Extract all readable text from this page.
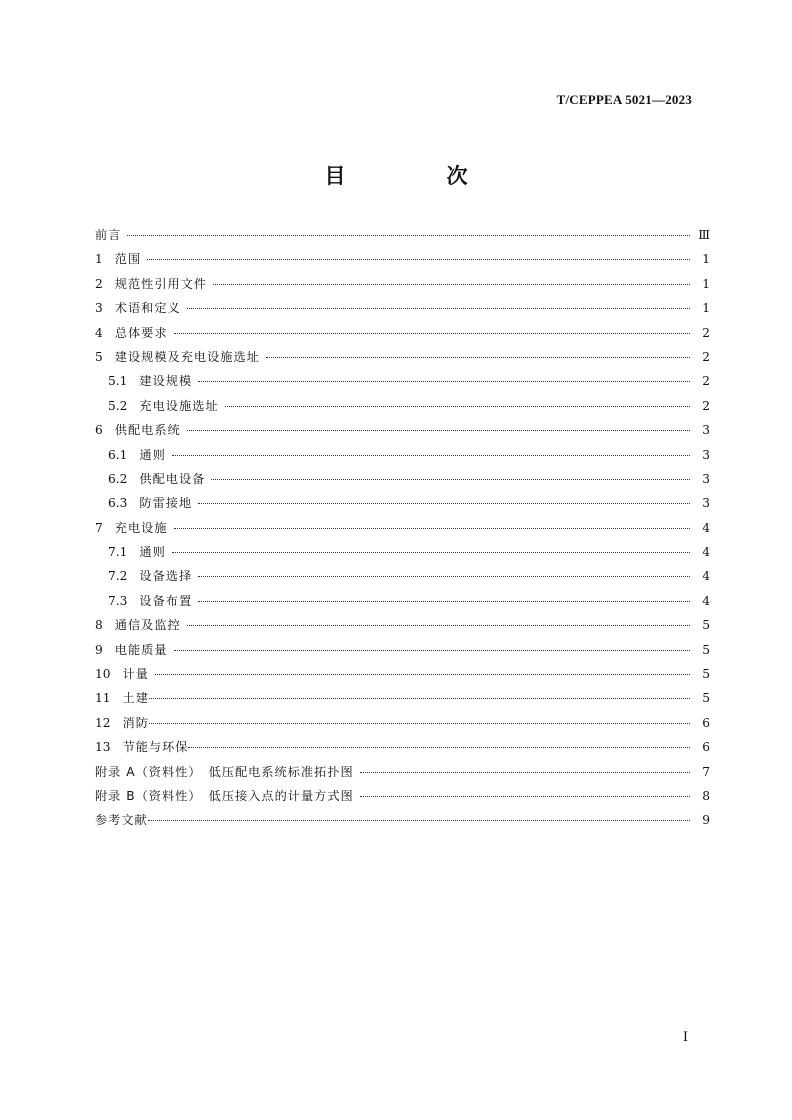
T/CEPPEA 5021—2023
目　次
前言	Ⅲ
1 范围	1
2 规范性引用文件	1
3 术语和定义	1
4 总体要求	2
5 建设规模及充电设施选址	2
5.1 建设规模	2
5.2 充电设施选址	2
6 供配电系统	3
6.1 通则	3
6.2 供配电设备	3
6.3 防雷接地	3
7 充电设施	4
7.1 通则	4
7.2 设备选择	4
7.3 设备布置	4
8 通信及监控	5
9 电能质量	5
10 计量	5
11 土建	5
12 消防	6
13 节能与环保	6
附录 A（资料性）　低压配电系统标准拓扑图	7
附录 B（资料性）　低压接入点的计量方式图	8
参考文献	9
I
